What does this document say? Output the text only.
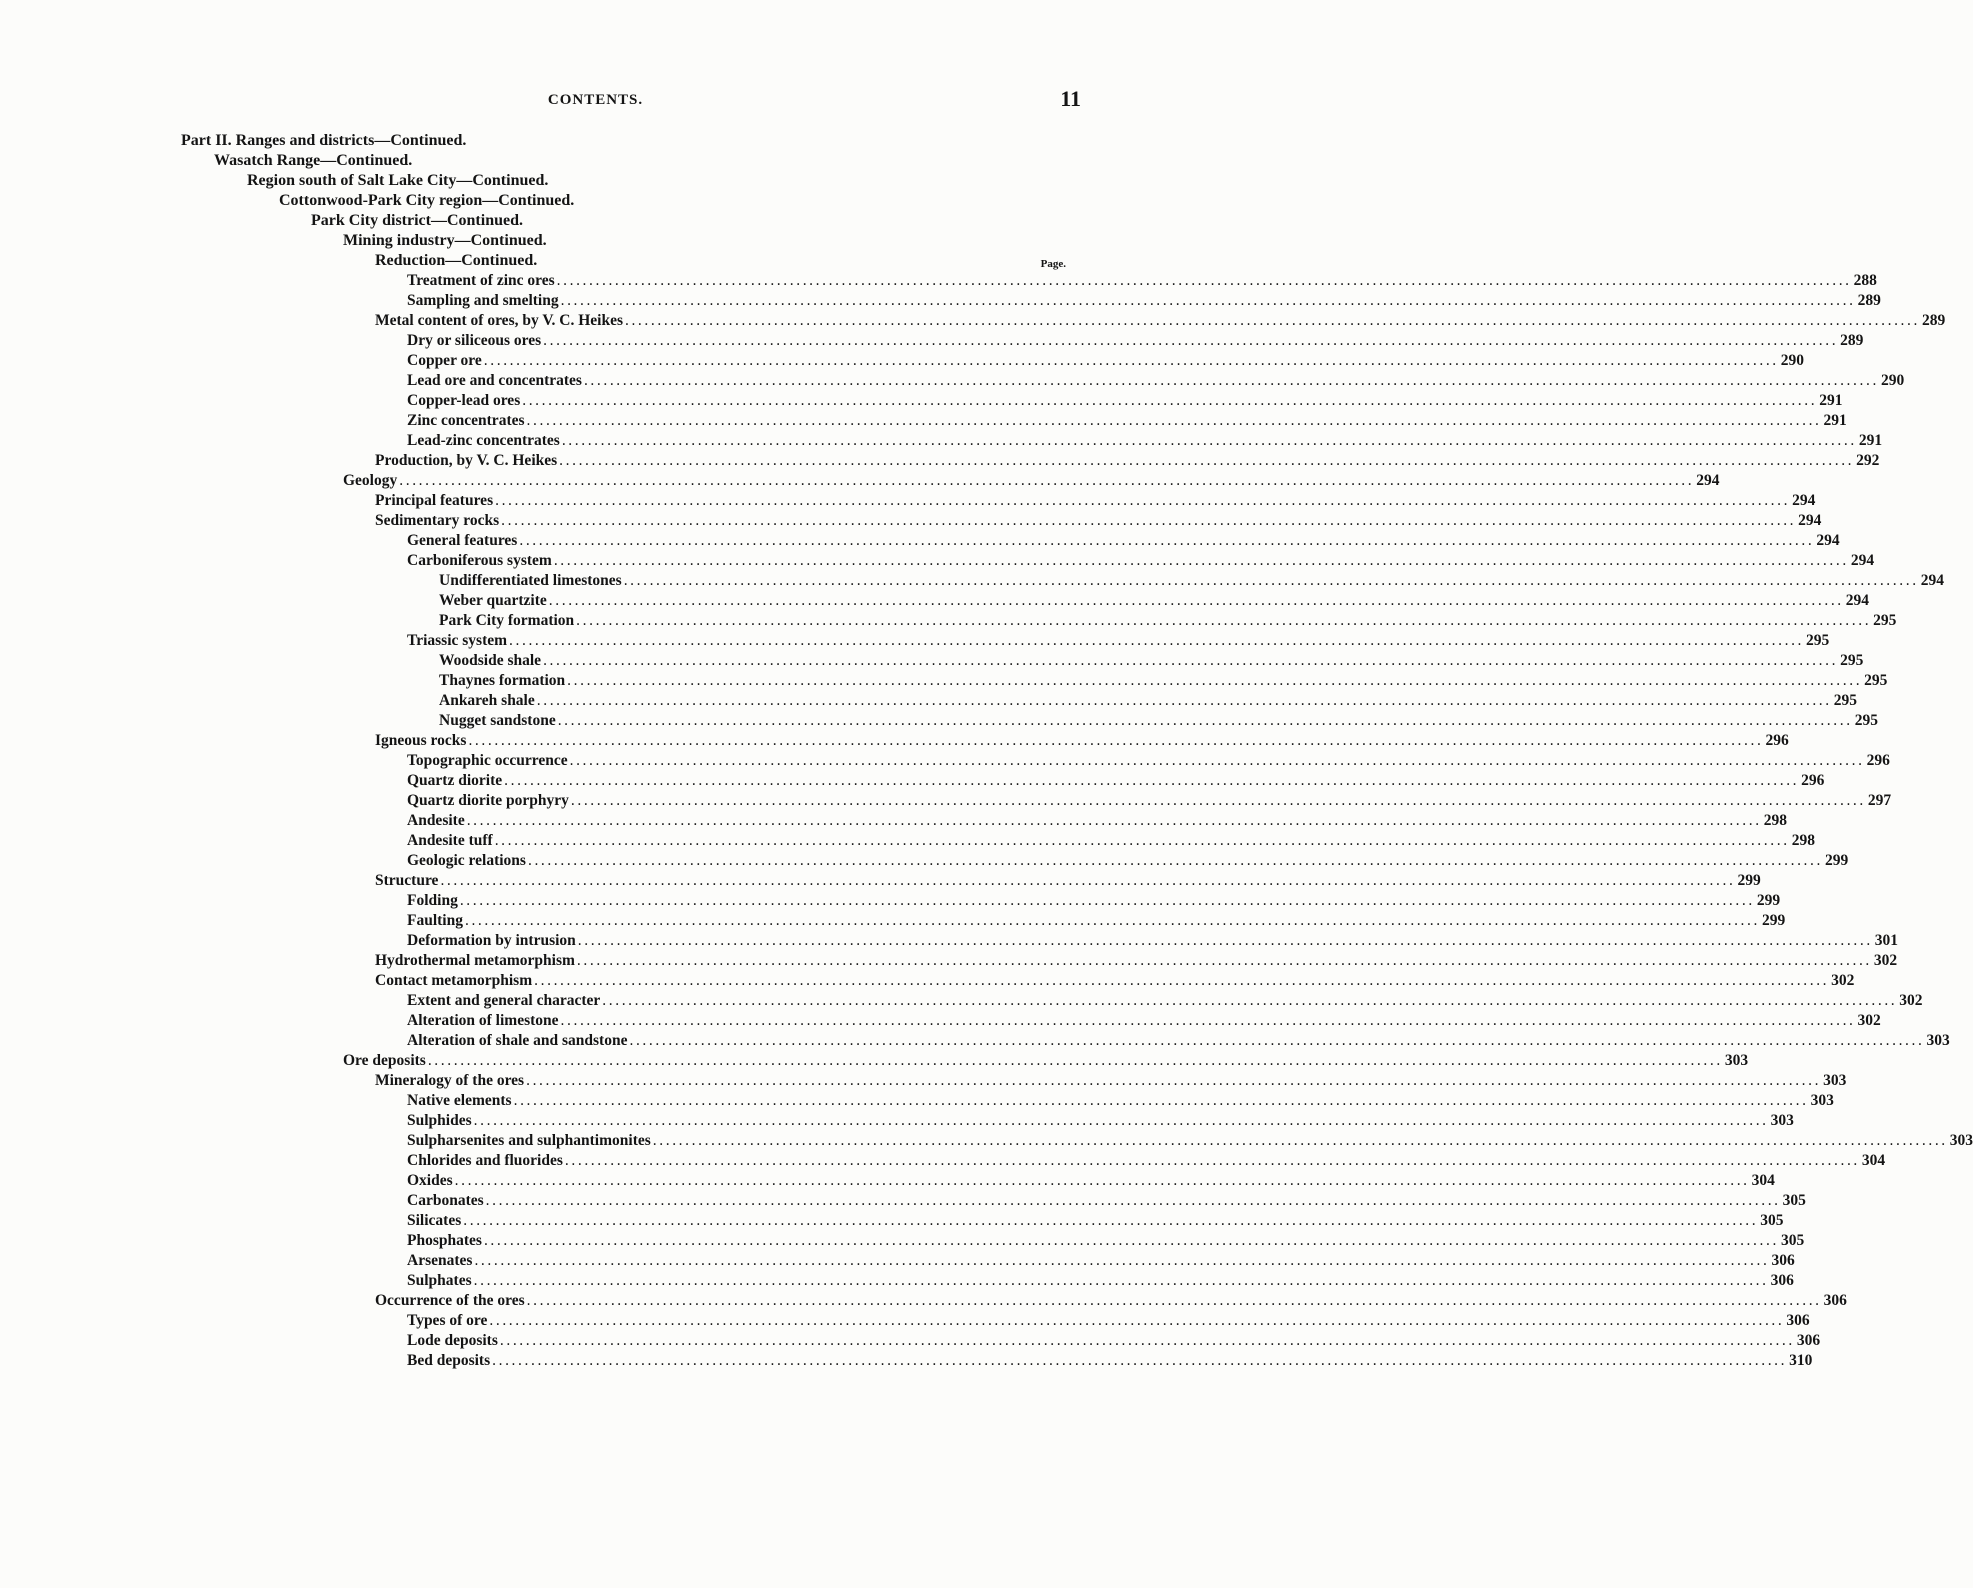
CONTENTS.	11
Part II. Ranges and districts—Continued.
Wasatch Range—Continued.
Region south of Salt Lake City—Continued.
Cottonwood-Park City region—Continued.
Park City district—Continued.
Mining industry—Continued.
Reduction—Continued.	Page.
Treatment of zinc ores ........................................................................................................................................................................................................ 288
Sampling and smelting ........................................................................................................................................................................................................ 289
Metal content of ores, by V. C. Heikes ........................................................................................................................................................................................................ 289
Dry or siliceous ores ........................................................................................................................................................................................................ 289
Copper ore ........................................................................................................................................................................................................ 290
Lead ore and concentrates ........................................................................................................................................................................................................ 290
Copper-lead ores ........................................................................................................................................................................................................ 291
Zinc concentrates ........................................................................................................................................................................................................ 291
Lead-zinc concentrates ........................................................................................................................................................................................................ 291
Production, by V. C. Heikes ........................................................................................................................................................................................................ 292
Geology ........................................................................................................................................................................................................ 294
Principal features ........................................................................................................................................................................................................ 294
Sedimentary rocks ........................................................................................................................................................................................................ 294
General features ........................................................................................................................................................................................................ 294
Carboniferous system ........................................................................................................................................................................................................ 294
Undifferentiated limestones ........................................................................................................................................................................................................ 294
Weber quartzite ........................................................................................................................................................................................................ 294
Park City formation ........................................................................................................................................................................................................ 295
Triassic system ........................................................................................................................................................................................................ 295
Woodside shale ........................................................................................................................................................................................................ 295
Thaynes formation ........................................................................................................................................................................................................ 295
Ankareh shale ........................................................................................................................................................................................................ 295
Nugget sandstone ........................................................................................................................................................................................................ 295
Igneous rocks ........................................................................................................................................................................................................ 296
Topographic occurrence ........................................................................................................................................................................................................ 296
Quartz diorite ........................................................................................................................................................................................................ 296
Quartz diorite porphyry ........................................................................................................................................................................................................ 297
Andesite ........................................................................................................................................................................................................ 298
Andesite tuff ........................................................................................................................................................................................................ 298
Geologic relations ........................................................................................................................................................................................................ 299
Structure ........................................................................................................................................................................................................ 299
Folding ........................................................................................................................................................................................................ 299
Faulting ........................................................................................................................................................................................................ 299
Deformation by intrusion ........................................................................................................................................................................................................ 301
Hydrothermal metamorphism ........................................................................................................................................................................................................ 302
Contact metamorphism ........................................................................................................................................................................................................ 302
Extent and general character ........................................................................................................................................................................................................ 302
Alteration of limestone ........................................................................................................................................................................................................ 302
Alteration of shale and sandstone ........................................................................................................................................................................................................ 303
Ore deposits ........................................................................................................................................................................................................ 303
Mineralogy of the ores ........................................................................................................................................................................................................ 303
Native elements ........................................................................................................................................................................................................ 303
Sulphides ........................................................................................................................................................................................................ 303
Sulpharsenites and sulphantimonites ........................................................................................................................................................................................................ 303
Chlorides and fluorides ........................................................................................................................................................................................................ 304
Oxides ........................................................................................................................................................................................................ 304
Carbonates ........................................................................................................................................................................................................ 305
Silicates ........................................................................................................................................................................................................ 305
Phosphates ........................................................................................................................................................................................................ 305
Arsenates ........................................................................................................................................................................................................ 306
Sulphates ........................................................................................................................................................................................................ 306
Occurrence of the ores ........................................................................................................................................................................................................ 306
Types of ore ........................................................................................................................................................................................................ 306
Lode deposits ........................................................................................................................................................................................................ 306
Bed deposits ........................................................................................................................................................................................................ 310
